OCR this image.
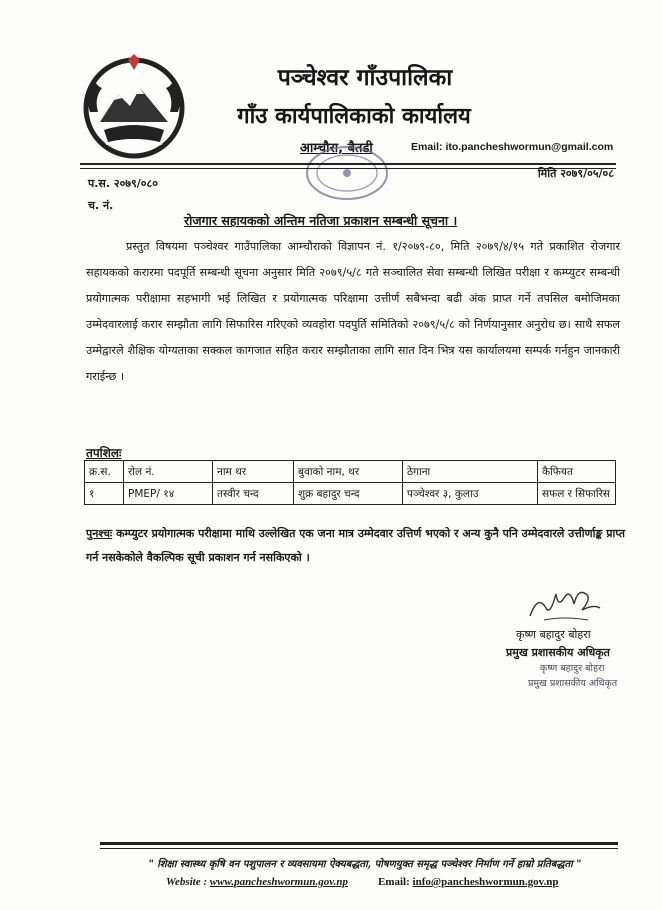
पञ्चेश्वर गाँउपालिका
गाँउ कार्यपालिकाको कार्यालय
आम्चौरा, बैतडी	Email: ito.pancheshwormun@gmail.com
प.स. २०७९/०८०
च. नं.
मिति २०७९/०५/०८
रोजगार सहायकको अन्तिम नतिजा प्रकाशन सम्बन्धी सूचना ।
प्रस्तुत विषयमा पञ्चेश्वर गाउँपालिका आम्चौराको विज्ञापन नं. १/२०७९-८०, मिति २०७९/४/१५ गते प्रकाशित रोजगार सहायकको करारमा पदपूर्ति सम्बन्धी सूचना अनुसार मिति २०७९/५/८ गते सञ्चालित सेवा सम्बन्धी लिखित परीक्षा र कम्प्युटर सम्बन्धी प्रयोगात्मक परीक्षामा सहभागी भई लिखित र प्रयोगात्मक परिक्षामा उत्तीर्ण सबैभन्दा बढी अंक प्राप्त गर्ने तपसिल बमोजिमका उम्मेदवारलाई करार सम्झौता लागि सिफारिस गरिएको व्यवहोरा पदपुर्ति समितिको २०७९/५/८ को निर्णयानुसार अनुरोध छ। साथै सफल उम्मेद्वारले शैक्षिक योग्यताका सक्कल कागजात सहित करार सम्झौताका लागि सात दिन भित्र यस कार्यालयमा सम्पर्क गर्नहुन जानकारी गराईन्छ ।
तपशिलः
क्र.स.	रोल नं.	नाम थर	बुवाको नाम, थर	ठेगाना	कैफियत
१	PMEP/ १४	तस्वीर चन्द	शुक्र बहादुर चन्द	पञ्चेश्वर ३, कुलाउ	सफल र सिफारिस
पुनश्चः कम्प्युटर प्रयोगात्मक परीक्षामा माथि उल्लेखित एक जना मात्र उम्मेदवार उत्तिर्ण भएको र अन्य कुनै पनि उम्मेदवारले उत्तीर्णाङ्क प्राप्त गर्न नसकेकोले वैकल्पिक सूची प्रकाशन गर्न नसकिएको ।
कृष्ण बहादुर बोहरा
प्रमुख प्रशासकीय अधिकृत
कृष्ण बहादुर बोहरा
प्रमुख प्रशासकीय अधिकृत
" शिक्षा स्वास्थ्य कृषि वन पशुपालन र व्यवसायमा ऐक्यबद्धता, पोषणयुक्त समृद्ध पञ्चेश्वर निर्माण गर्ने हाम्रो प्रतिबद्धता "
Website : www.pancheshwormun.gov.np	Email: info@pancheshwormun.gov.np
